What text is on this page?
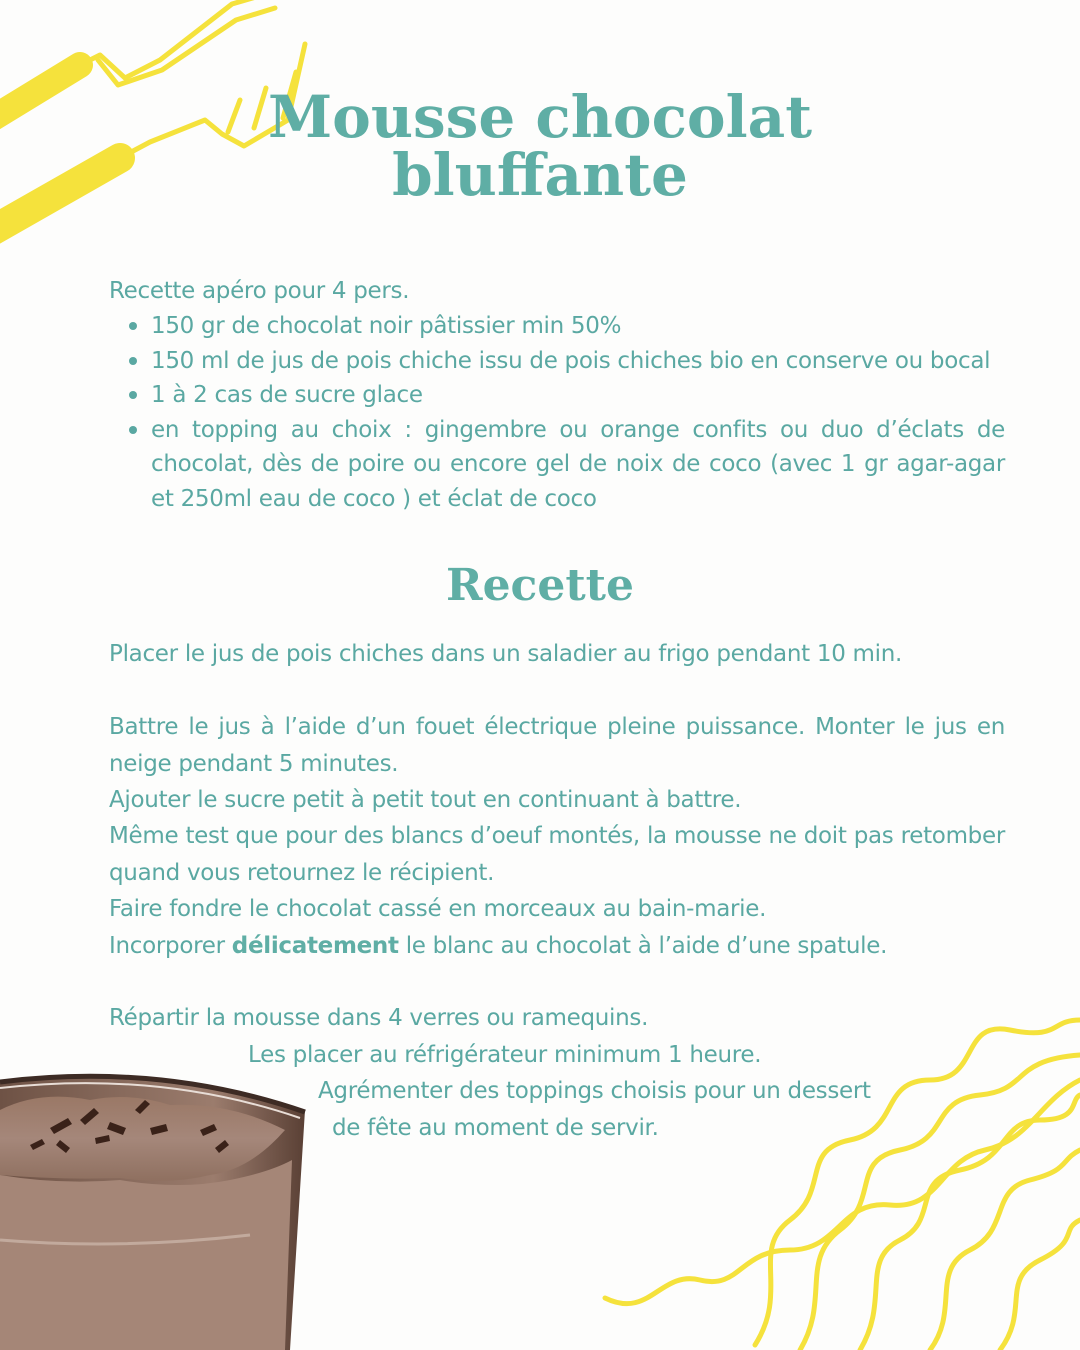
Mousse chocolat
bluffante
Recette apéro pour 4 pers.
150 gr de chocolat noir pâtissier min 50%
150 ml de jus de pois chiche issu de pois chiches bio en conserve ou bocal
1 à 2 cas de sucre glace
en topping au choix : gingembre ou orange confits ou duo d’éclats de chocolat, dès de poire ou encore gel de noix de coco (avec 1 gr agar-agar et 250ml eau de coco ) et éclat de coco
Recette

Placer le jus de pois chiches dans un saladier au frigo pendant 10 min.

Battre le jus à l’aide d’un fouet électrique pleine puissance. Monter le jus en neige pendant 5 minutes.

Ajouter le sucre petit à petit tout en continuant à battre.

Même test que pour des blancs d’oeuf montés, la mousse ne doit pas retomber quand vous retournez le récipient.

Faire fondre le chocolat cassé en morceaux au bain-marie.

Incorporer délicatement le blanc au chocolat à l’aide d’une spatule.

Répartir la mousse dans 4 verres ou ramequins.

Les placer au réfrigérateur minimum 1 heure.

Agrémenter des toppings choisis pour un dessert

de fête au moment de servir.
